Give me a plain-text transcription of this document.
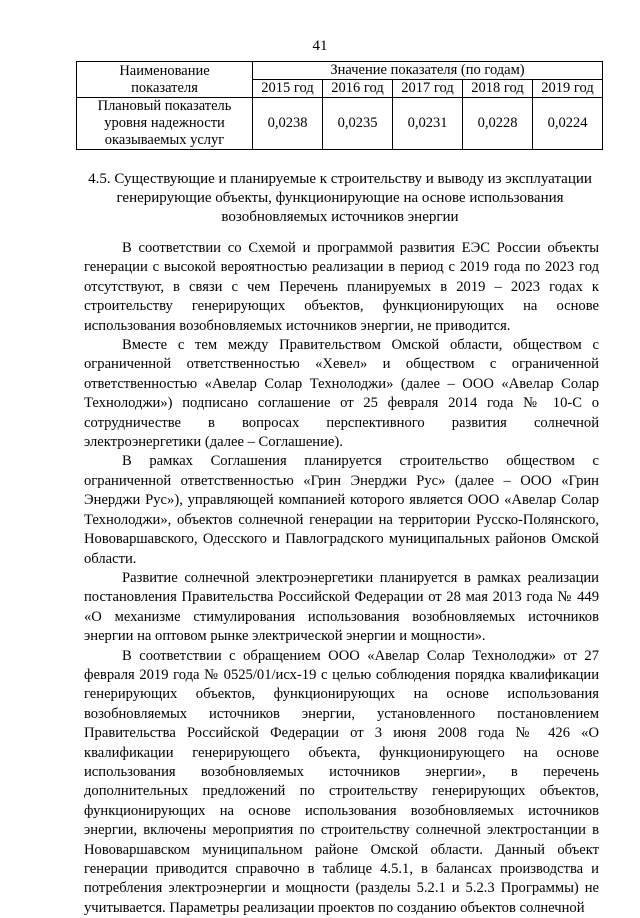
41
Наименование
показателя	Значение показателя (по годам)				
	2015 год	2016 год	2017 год	2018 год	2019 год
Плановый показатель уровня надежности оказываемых услуг	0,0238	0,0235	0,0231	0,0228	0,0224
4.5. Существующие и планируемые к строительству и выводу из эксплуатации генерирующие объекты, функционирующие на основе использования возобновляемых источников энергии

В соответствии со Схемой и программой развития ЕЭС России объекты генерации с высокой вероятностью реализации в период с 2019 года по 2023 год отсутствуют, в связи с чем Перечень планируемых в 2019 – 2023 годах к строительству генерирующих объектов, функционирующих на основе использования возобновляемых источников энергии, не приводится.

Вместе с тем между Правительством Омской области, обществом с ограниченной ответственностью «Хевел» и обществом с ограниченной ответственностью «Авелар Солар Технолоджи» (далее – ООО «Авелар Солар Технолоджи») подписано соглашение от 25 февраля 2014 года № 10-С о сотрудничестве в вопросах перспективного развития солнечной электроэнергетики (далее – Соглашение).

В рамках Соглашения планируется строительство обществом с ограниченной ответственностью «Грин Энерджи Рус» (далее – ООО «Грин Энерджи Рус»), управляющей компанией которого является ООО «Авелар Солар Технолоджи», объектов солнечной генерации на территории Русско-Полянского, Нововаршавского, Одесского и Павлоградского муниципальных районов Омской области.

Развитие солнечной электроэнергетики планируется в рамках реализации постановления Правительства Российской Федерации от 28 мая 2013 года № 449 «О механизме стимулирования использования возобновляемых источников энергии на оптовом рынке электрической энергии и мощности».

В соответствии с обращением ООО «Авелар Солар Технолоджи» от 27 февраля 2019 года № 0525/01/исх-19 с целью соблюдения порядка квалификации генерирующих объектов, функционирующих на основе использования возобновляемых источников энергии, установленного постановлением Правительства Российской Федерации от 3 июня 2008 года № 426 «О квалификации генерирующего объекта, функционирующего на основе использования возобновляемых источников энергии», в перечень дополнительных предложений по строительству генерирующих объектов, функционирующих на основе использования возобновляемых источников энергии, включены мероприятия по строительству солнечной электростанции в Нововаршавском муниципальном районе Омской области. Данный объект генерации приводится справочно в таблице 4.5.1, в балансах производства и потребления электроэнергии и мощности (разделы 5.2.1 и 5.2.3 Программы) не учитывается. Параметры реализации проектов по созданию объектов солнечной
